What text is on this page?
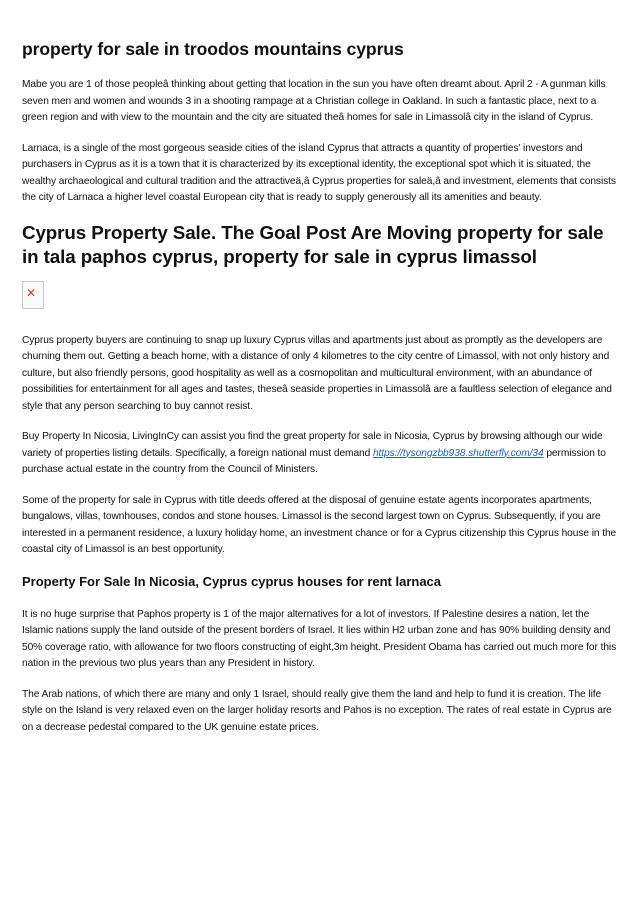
property for sale in troodos mountains cyprus

Mabe you are 1 of those peopleâ thinking about getting that location in the sun you have often dreamt about. April 2 - A gunman kills seven men and women and wounds 3 in a shooting rampage at a Christian college in Oakland. In such a fantastic place, next to a green region and with view to the mountain and the city are situated theâ homes for sale in Limassolâ city in the island of Cyprus.

Larnaca, is a single of the most gorgeous seaside cities of the island Cyprus that attracts a quantity of properties' investors and purchasers in Cyprus as it is a town that it is characterized by its exceptional identity, the exceptional spot which it is situated, the wealthy archaeological and cultural tradition and the attractiveä,â Cyprus properties for saleä,â and investment, elements that consists the city of Larnaca a higher level coastal European city that is ready to supply generously all its amenities and beauty.

Cyprus Property Sale. The Goal Post Are Moving property for sale in tala paphos cyprus, property for sale in cyprus limassol
✕

Cyprus property buyers are continuing to snap up luxury Cyprus villas and apartments just about as promptly as the developers are churning them out. Getting a beach home, with a distance of only 4 kilometres to the city centre of Limassol, with not only history and culture, but also friendly persons, good hospitality as well as a cosmopolitan and multicultural environment, with an abundance of possibilities for entertainment for all ages and tastes, theseâ seaside properties in Limassolâ are a faultless selection of elegance and style that any person searching to buy cannot resist.

Buy Property In Nicosia, LivingInCy can assist you find the great property for sale in Nicosia, Cyprus by browsing although our wide variety of properties listing details. Specifically, a foreign national must demand https://tysongzbb938.shutterfly.com/34 permission to purchase actual estate in the country from the Council of Ministers.

Some of the property for sale in Cyprus with title deeds offered at the disposal of genuine estate agents incorporates apartments, bungalows, villas, townhouses, condos and stone houses. Limassol is the second largest town on Cyprus. Subsequently, if you are interested in a permanent residence, a luxury holiday home, an investment chance or for a Cyprus citizenship this Cyprus house in the coastal city of Limassol is an best opportunity.

Property For Sale In Nicosia, Cyprus cyprus houses for rent larnaca

It is no huge surprise that Paphos property is 1 of the major alternatives for a lot of investors. If Palestine desires a nation, let the Islamic nations supply the land outside of the present borders of Israel. It lies within H2 urban zone and has 90% building density and 50% coverage ratio, with allowance for two floors constructing of eight,3m height. President Obama has carried out much more for this nation in the previous two plus years than any President in history.

The Arab nations, of which there are many and only 1 Israel, should really give them the land and help to fund it is creation. The life style on the Island is very relaxed even on the larger holiday resorts and Pahos is no exception. The rates of real estate in Cyprus are on a decrease pedestal compared to the UK genuine estate prices.
